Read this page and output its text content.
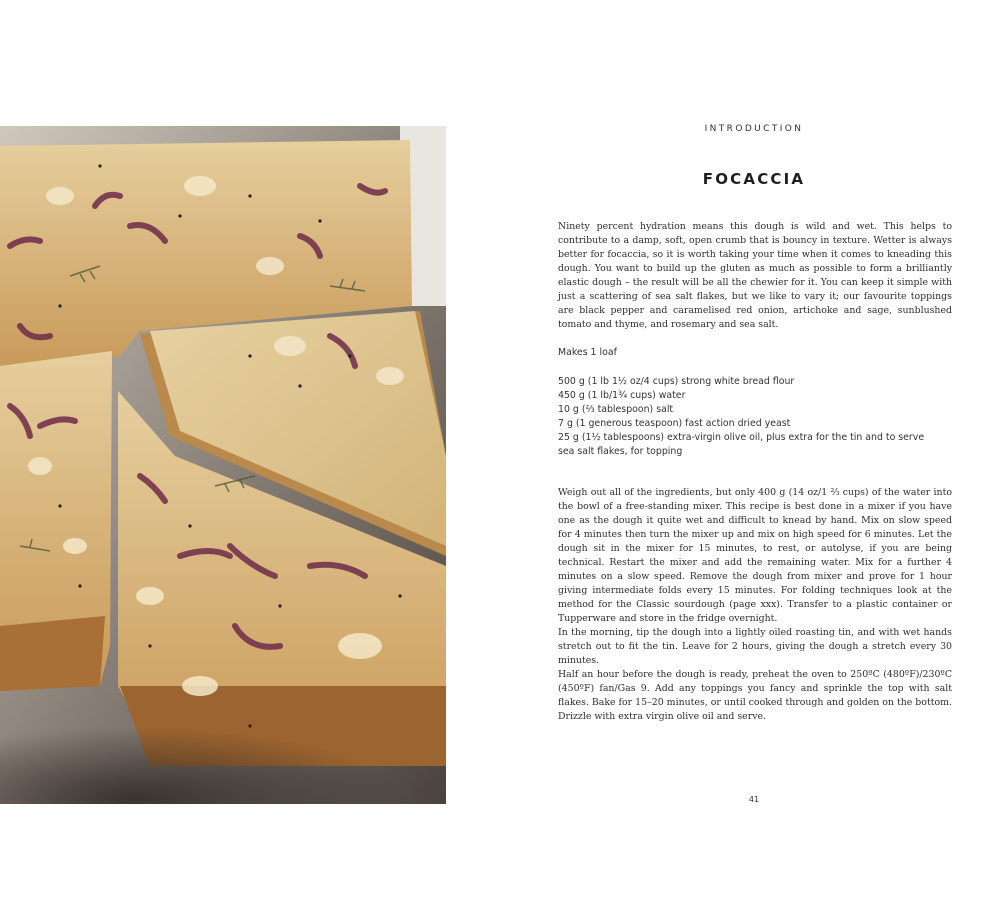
INTRODUCTION
FOCACCIA

Ninety percent hydration means this dough is wild and wet. This helps to contribute to a damp, soft, open crumb that is bouncy in texture. Wetter is always better for focaccia, so it is worth taking your time when it comes to kneading this dough. You want to build up the gluten as much as possible to form a brilliantly elastic dough – the result will be all the chewier for it. You can keep it simple with just a scattering of sea salt flakes, but we like to vary it; our favourite toppings are black pepper and caramelised red onion, artichoke and sage, sunblushed tomato and thyme, and rosemary and sea salt.

Makes 1 loaf

500 g (1 lb 1½ oz/4 cups) strong white bread flour
450 g (1 lb/1¾ cups) water
10 g (⅔ tablespoon) salt
7 g (1 generous teaspoon) fast action dried yeast
25 g (1½ tablespoons) extra-virgin olive oil, plus extra for the tin and to serve
sea salt flakes, for topping

Weigh out all of the ingredients, but only 400 g (14 oz/1 ⅔ cups) of the water into the bowl of a free-standing mixer. This recipe is best done in a mixer if you have one as the dough it quite wet and difficult to knead by hand. Mix on slow speed for 4 minutes then turn the mixer up and mix on high speed for 6 minutes. Let the dough sit in the mixer for 15 minutes, to rest, or autolyse, if you are being technical. Restart the mixer and add the remaining water. Mix for a further 4 minutes on a slow speed. Remove the dough from mixer and prove for 1 hour giving intermediate folds every 15 minutes. For folding techniques look at the method for the Classic sourdough (page xxx). Transfer to a plastic container or Tupperware and store in the fridge overnight.

In the morning, tip the dough into a lightly oiled roasting tin, and with wet hands stretch out to fit the tin. Leave for 2 hours, giving the dough a stretch every 30 minutes.

Half an hour before the dough is ready, preheat the oven to 250ºC (480ºF)/230ºC (450ºF) fan/Gas 9. Add any toppings you fancy and sprinkle the top with salt flakes. Bake for 15–20 minutes, or until cooked through and golden on the bottom. Drizzle with extra virgin olive oil and serve.

41
